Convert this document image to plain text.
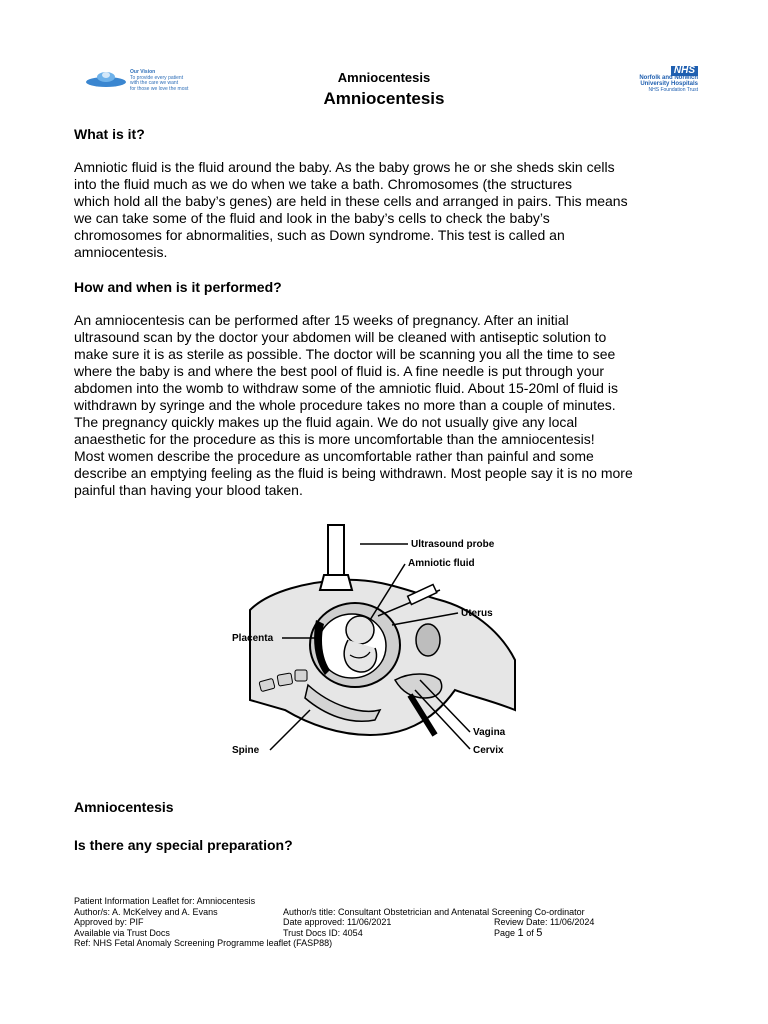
Our Vision
To provide every patient
with the care we want
for those we love the most
Amniocentesis
Amniocentesis
NHS
Norfolk and Norwich
University Hospitals
NHS Foundation Trust
What is it?
Amniotic fluid is the fluid around the baby. As the baby grows he or she sheds skin cells
into the fluid much as we do when we take a bath. Chromosomes (the structures
which hold all the baby’s genes) are held in these cells and arranged in pairs. This means
we can take some of the fluid and look in the baby’s cells to check the baby’s
chromosomes for abnormalities, such as Down syndrome. This test is called an
amniocentesis.
How and when is it performed?
An amniocentesis can be performed after 15 weeks of pregnancy. After an initial
ultrasound scan by the doctor your abdomen will be cleaned with antiseptic solution to
make sure it is as sterile as possible. The doctor will be scanning you all the time to see
where the baby is and where the best pool of fluid is. A fine needle is put through your
abdomen into the womb to withdraw some of the amniotic fluid. About 15-20ml of fluid is
withdrawn by syringe and the whole procedure takes no more than a couple of minutes.
The pregnancy quickly makes up the fluid again. We do not usually give any local
anaesthetic for the procedure as this is more uncomfortable than the amniocentesis!
Most women describe the procedure as uncomfortable rather than painful and some
describe an emptying feeling as the fluid is being withdrawn. Most people say it is no more
painful than having your blood taken.
Ultrasound probe
Amniotic fluid
Uterus
Placenta
Vagina
Spine	Cervix
Amniocentesis
Is there any special preparation?
Patient Information Leaflet for: Amniocentesis
Author/s: A. McKelvey and A. Evans	Author/s title: Consultant Obstetrician and Antenatal Screening Co-ordinator
Approved by: PIF	Date approved: 11/06/2021	Review Date: 11/06/2024
Available via Trust Docs	Trust Docs ID: 4054	Page 1 of 5
Ref: NHS Fetal Anomaly Screening Programme leaflet (FASP88)
